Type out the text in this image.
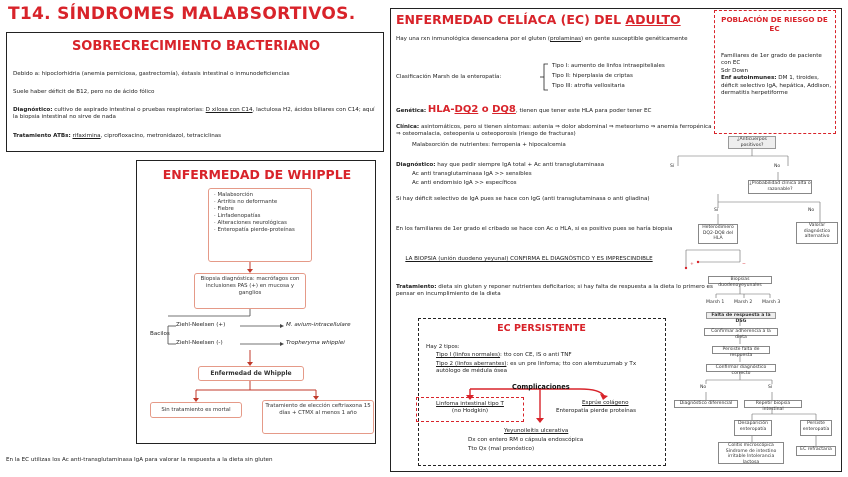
T14. SÍNDROMES MALABSORTIVOS.
SOBRECRECIMIENTO BACTERIANO
Debido a: hipoclorhidria (anemia perniciosa, gastrectomía), éstasis intestinal o inmunodeficiencias
Suele haber déficit de B12, pero no de ácido fólico
Diagnóstico: cultivo de aspirado intestinal o pruebas respiratorias: D xilosa con C14, lactulosa H2, ácidos biliares con C14; aquí la biopsia intestinal no sirve de nada
Tratamiento ATBs: rifaximina, ciprofloxacino, metronidazol, tetraciclinas
ENFERMEDAD DE WHIPPLE
· Malabsorción
· Artritis no deformante
· Fiebre
· Linfadenopatías
· Alteraciones neurológicas
· Enteropatía pierde-proteínas
Biopsia diagnóstica: macrófagos con inclusiones PAS (+) en mucosa y ganglios
Bacilos
Ziehl-Neelsen (+)	M. avium-intracellulare
Ziehl-Neelsen (-)	Tropheryma whipplei
Enfermedad de Whipple
Sin tratamiento es mortal
Tratamiento de elección ceftriaxona 15 días + CTMX al menos 1 año
En la EC utilizas los Ac anti-transglutaminasa IgA para valorar la respuesta a la dieta sin gluten
ENFERMEDAD CELÍACA (EC) DEL ADULTO
Hay una rxn inmunológica desencadena por el gluten (prolaminas) en gente susceptible genéticamente
Clasificación Marsh de la enteropatía:
Tipo I: aumento de linfos intraepiteliales
Tipo II: hiperplasia de criptas
Tipo III: atrofia vellositaria
Genética: HLA-DQ2 o DQ8, tienen que tener este HLA para poder tener EC
Clínica: asintomáticos, pero si tienen síntomas: astenia ⇒ dolor abdominal ⇒ meteorismo ⇒ anemia ferropénica ⇒ osteomalacia, osteopenia u osteoporosis (riesgo de fracturas)
Malabsorción de nutrientes: ferropenia + hipocalcemia
Diagnóstico: hay que pedir siempre IgA total + Ac anti transglutaminasa
Ac anti transglutaminasa IgA >> sensibles
Ac anti endomisio IgA >> específicos
Si hay déficit selectivo de IgA pues se hace con IgG (anti transglutaminasa o anti gliadina)
En los familiares de 1er grado el cribado se hace con Ac o HLA, si es positivo pues se haría biopsia
LA BIOPSIA (unión duodeno yeyunal) CONFIRMA EL DIAGNÓSTICO Y ES IMPRESCINDIBLE
Tratamiento: dieta sin gluten y reponer nutrientes deficitarios; si hay falta de respuesta a la dieta lo primero es pensar en incumplimiento de la dieta
POBLACIÓN DE RIESGO DE EC
Familiares de 1er grado de paciente con EC
Sdr Down
Enf autoinmunes: DM 1, tiroides, déficit selectivo IgA, hepática, Addison, dermatitis herpetiforme
EC PERSISTENTE
Hay 2 tipos:
Tipo I (linfos normales): tto con CE, IS o anti TNF
Tipo 2 (linfos aberrantes): es un pre linfoma; tto con alemtuzumab y Tx autólogo de médula ósea
Complicaciones
Linfoma intestinal tipo T
(no Hodgkin)
Esprúe colágeno
Enteropatía pierde proteínas
Yeyunoileítis ulcerativa
Dx con entero RM o cápsula endoscópica
Tto Qx (mal pronóstico)
¿Anticuerpos positivos?
Sí	No
¿Probabilidad clínica alta o razonable?
Sí	No
Heterodimero DQ2-DQ8 del HLA
Valorar diagnóstico alternativo
+	−
Biopsias duodenoyeyunales
Marsh 1 Marsh 2 Marsh 3
Falta de respuesta a la DSG
Confirmar adherencia a la dieta
Persiste falta de respuesta
Confirmar diagnóstico correcto
No	Sí
Diagnóstico diferencial	Repetir biopsia intestinal
Desaparición enteropatía
Persiste enteropatía
Colitis microscópica Síndrome de intestino irritable Intolerancia lactosa
EC refractaria
